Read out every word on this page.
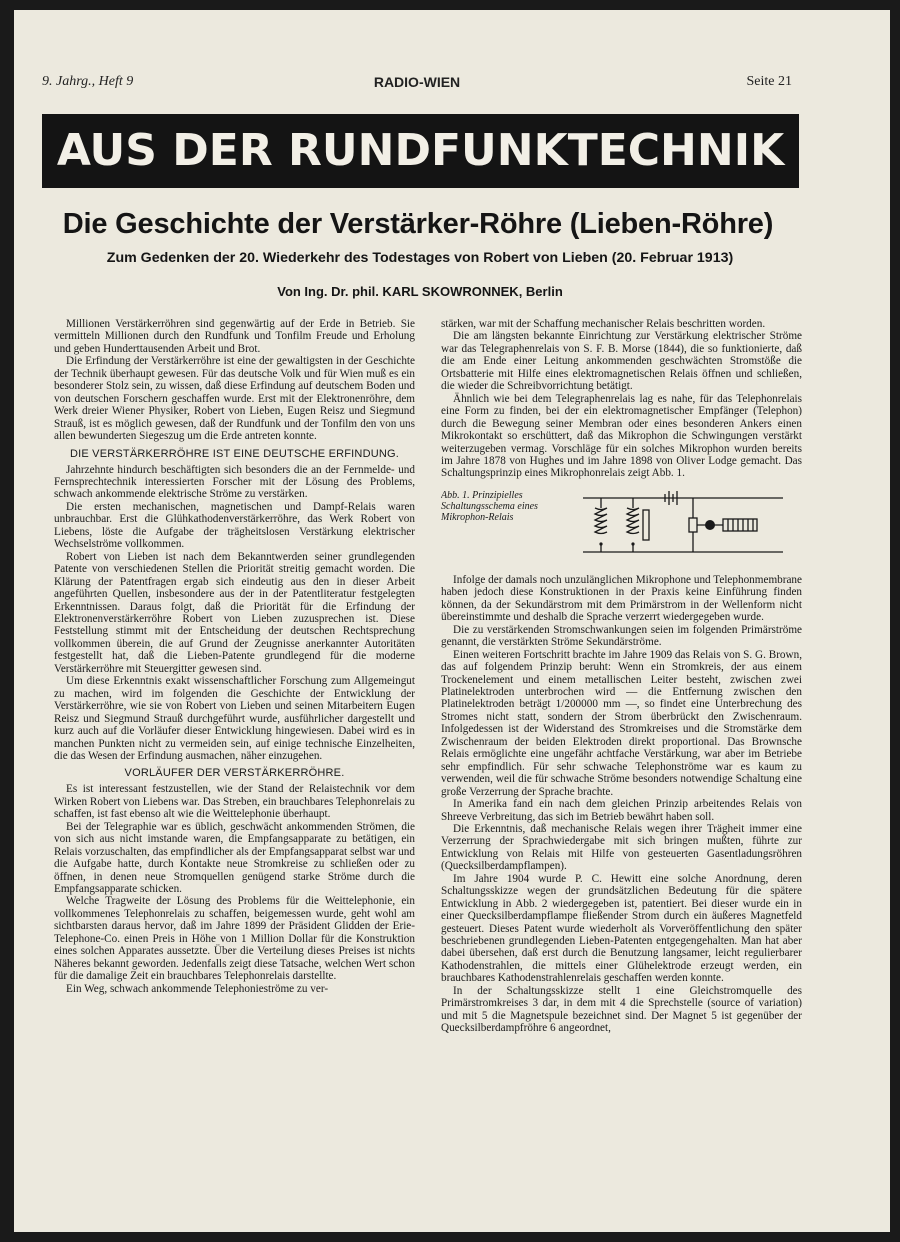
9. Jahrg., Heft 9	RADIO-WIEN	Seite 21
AUS DER RUNDFUNKTECHNIK
Die Geschichte der Verstärker-Röhre (Lieben-Röhre)
Zum Gedenken der 20. Wiederkehr des Todestages von Robert von Lieben (20. Februar 1913)
Von Ing. Dr. phil. KARL SKOWRONNEK, Berlin

Millionen Verstärkerröhren sind gegenwärtig auf der Erde in Betrieb. Sie vermitteln Millionen durch den Rundfunk und Tonfilm Freude und Erholung und geben Hunderttausenden Arbeit und Brot.

Die Erfindung der Verstärkerröhre ist eine der gewaltigsten in der Geschichte der Technik überhaupt gewesen. Für das deutsche Volk und für Wien muß es ein besonderer Stolz sein, zu wissen, daß diese Erfindung auf deutschem Boden und von deutschen Forschern geschaffen wurde. Erst mit der Elektronenröhre, dem Werk dreier Wiener Physiker, Robert von Lieben, Eugen Reisz und Siegmund Strauß, ist es möglich gewesen, daß der Rundfunk und der Tonfilm den von uns allen bewunderten Siegeszug um die Erde antreten konnte.

DIE VERSTÄRKERRÖHRE IST EINE DEUTSCHE ERFINDUNG.

Jahrzehnte hindurch beschäftigten sich besonders die an der Fernmelde- und Fernsprechtechnik interessierten Forscher mit der Lösung des Problems, schwach ankommende elektrische Ströme zu verstärken.

Die ersten mechanischen, magnetischen und Dampf-Relais waren unbrauchbar. Erst die Glühkathodenverstärkerröhre, das Werk Robert von Liebens, löste die Aufgabe der trägheitslosen Verstärkung elektrischer Wechselströme vollkommen.

Robert von Lieben ist nach dem Bekanntwerden seiner grundlegenden Patente von verschiedenen Stellen die Priorität streitig gemacht worden. Die Klärung der Patentfragen ergab sich eindeutig aus den in dieser Arbeit angeführten Quellen, insbesondere aus der in der Patentliteratur festgelegten Erkenntnissen. Daraus folgt, daß die Priorität für die Erfindung der Elektronenverstärkerröhre Robert von Lieben zuzusprechen ist. Diese Feststellung stimmt mit der Entscheidung der deutschen Rechtsprechung vollkommen überein, die auf Grund der Zeugnisse anerkannter Autoritäten festgestellt hat, daß die Lieben-Patente grundlegend für die moderne Verstärkerröhre mit Steuergitter gewesen sind.

Um diese Erkenntnis exakt wissenschaftlicher Forschung zum Allgemeingut zu machen, wird im folgenden die Geschichte der Entwicklung der Verstärkerröhre, wie sie von Robert von Lieben und seinen Mitarbeitern Eugen Reisz und Siegmund Strauß durchgeführt wurde, ausführlicher dargestellt und kurz auch auf die Vorläufer dieser Entwicklung hingewiesen. Dabei wird es in manchen Punkten nicht zu vermeiden sein, auf einige technische Einzelheiten, die das Wesen der Erfindung ausmachen, näher einzugehen.

VORLÄUFER DER VERSTÄRKERRÖHRE.

Es ist interessant festzustellen, wie der Stand der Relaistechnik vor dem Wirken Robert von Liebens war. Das Streben, ein brauchbares Telephonrelais zu schaffen, ist fast ebenso alt wie die Weittelephonie überhaupt.

Bei der Telegraphie war es üblich, geschwächt ankommenden Strömen, die von sich aus nicht imstande waren, die Empfangsapparate zu betätigen, ein Relais vorzuschalten, das empfindlicher als der Empfangsapparat selbst war und die Aufgabe hatte, durch Kontakte neue Stromkreise zu schließen oder zu öffnen, in denen neue Stromquellen genügend starke Ströme durch die Empfangsapparate schicken.

Welche Tragweite der Lösung des Problems für die Weittelephonie, ein vollkommenes Telephonrelais zu schaffen, beigemessen wurde, geht wohl am sichtbarsten daraus hervor, daß im Jahre 1899 der Präsident Glidden der Erie-Telephone-Co. einen Preis in Höhe von 1 Million Dollar für die Konstruktion eines solchen Apparates aussetzte. Über die Verteilung dieses Preises ist nichts Näheres bekannt geworden. Jedenfalls zeigt diese Tatsache, welchen Wert schon für die damalige Zeit ein brauchbares Telephonrelais darstellte.

Ein Weg, schwach ankommende Telephonieströme zu ver-

stärken, war mit der Schaffung mechanischer Relais beschritten worden.

Die am längsten bekannte Einrichtung zur Verstärkung elektrischer Ströme war das Telegraphenrelais von S. F. B. Morse (1844), die so funktionierte, daß die am Ende einer Leitung ankommenden geschwächten Stromstöße die Ortsbatterie mit Hilfe eines elektromagnetischen Relais öffnen und schließen, die wieder die Schreibvorrichtung betätigt.

Ähnlich wie bei dem Telegraphenrelais lag es nahe, für das Telephonrelais eine Form zu finden, bei der ein elektromagnetischer Empfänger (Telephon) durch die Bewegung seiner Membran oder eines besonderen Ankers einen Mikrokontakt so erschüttert, daß das Mikrophon die Schwingungen verstärkt weiterzugeben vermag. Vorschläge für ein solches Mikrophon wurden bereits im Jahre 1878 von Hughes und im Jahre 1898 von Oliver Lodge gemacht. Das Schaltungsprinzip eines Mikrophonrelais zeigt Abb. 1.

Abb. 1. Prinzipielles Schaltungsschema eines Mikrophon-Relais

Infolge der damals noch unzulänglichen Mikrophone und Telephonmembrane haben jedoch diese Konstruktionen in der Praxis keine Einführung finden können, da der Sekundärstrom mit dem Primärstrom in der Wellenform nicht übereinstimmte und deshalb die Sprache verzerrt wiedergegeben wurde.

Die zu verstärkenden Stromschwankungen seien im folgenden Primärströme genannt, die verstärkten Ströme Sekundärströme.

Einen weiteren Fortschritt brachte im Jahre 1909 das Relais von S. G. Brown, das auf folgendem Prinzip beruht: Wenn ein Stromkreis, der aus einem Trockenelement und einem metallischen Leiter besteht, zwischen zwei Platinelektroden unterbrochen wird — die Entfernung zwischen den Platinelektroden beträgt 1/200000 mm —, so findet eine Unterbrechung des Stromes nicht statt, sondern der Strom überbrückt den Zwischenraum. Infolgedessen ist der Widerstand des Stromkreises und die Stromstärke dem Zwischenraum der beiden Elektroden direkt proportional. Das Brownsche Relais ermöglichte eine ungefähr achtfache Verstärkung, war aber im Betriebe sehr empfindlich. Für sehr schwache Telephonströme war es kaum zu verwenden, weil die für schwache Ströme besonders notwendige Schaltung eine große Verzerrung der Sprache brachte.

In Amerika fand ein nach dem gleichen Prinzip arbeitendes Relais von Shreeve Verbreitung, das sich im Betrieb bewährt haben soll.

Die Erkenntnis, daß mechanische Relais wegen ihrer Trägheit immer eine Verzerrung der Sprachwiedergabe mit sich bringen mußten, führte zur Entwicklung von Relais mit Hilfe von gesteuerten Gasentladungsröhren (Quecksilberdampflampen).

Im Jahre 1904 wurde P. C. Hewitt eine solche Anordnung, deren Schaltungsskizze wegen der grundsätzlichen Bedeutung für die spätere Entwicklung in Abb. 2 wiedergegeben ist, patentiert. Bei dieser wurde ein in einer Quecksilberdampflampe fließender Strom durch ein äußeres Magnetfeld gesteuert. Dieses Patent wurde wiederholt als Vorveröffentlichung den später beschriebenen grundlegenden Lieben-Patenten entgegengehalten. Man hat aber dabei übersehen, daß erst durch die Benutzung langsamer, leicht regulierbarer Kathodenstrahlen, die mittels einer Glühelektrode erzeugt werden, ein brauchbares Kathodenstrahlenrelais geschaffen werden konnte.

In der Schaltungsskizze stellt 1 eine Gleichstromquelle des Primärstromkreises 3 dar, in dem mit 4 die Sprechstelle (source of variation) und mit 5 die Magnetspule bezeichnet sind. Der Magnet 5 ist gegenüber der Quecksilberdampfröhre 6 angeordnet,
